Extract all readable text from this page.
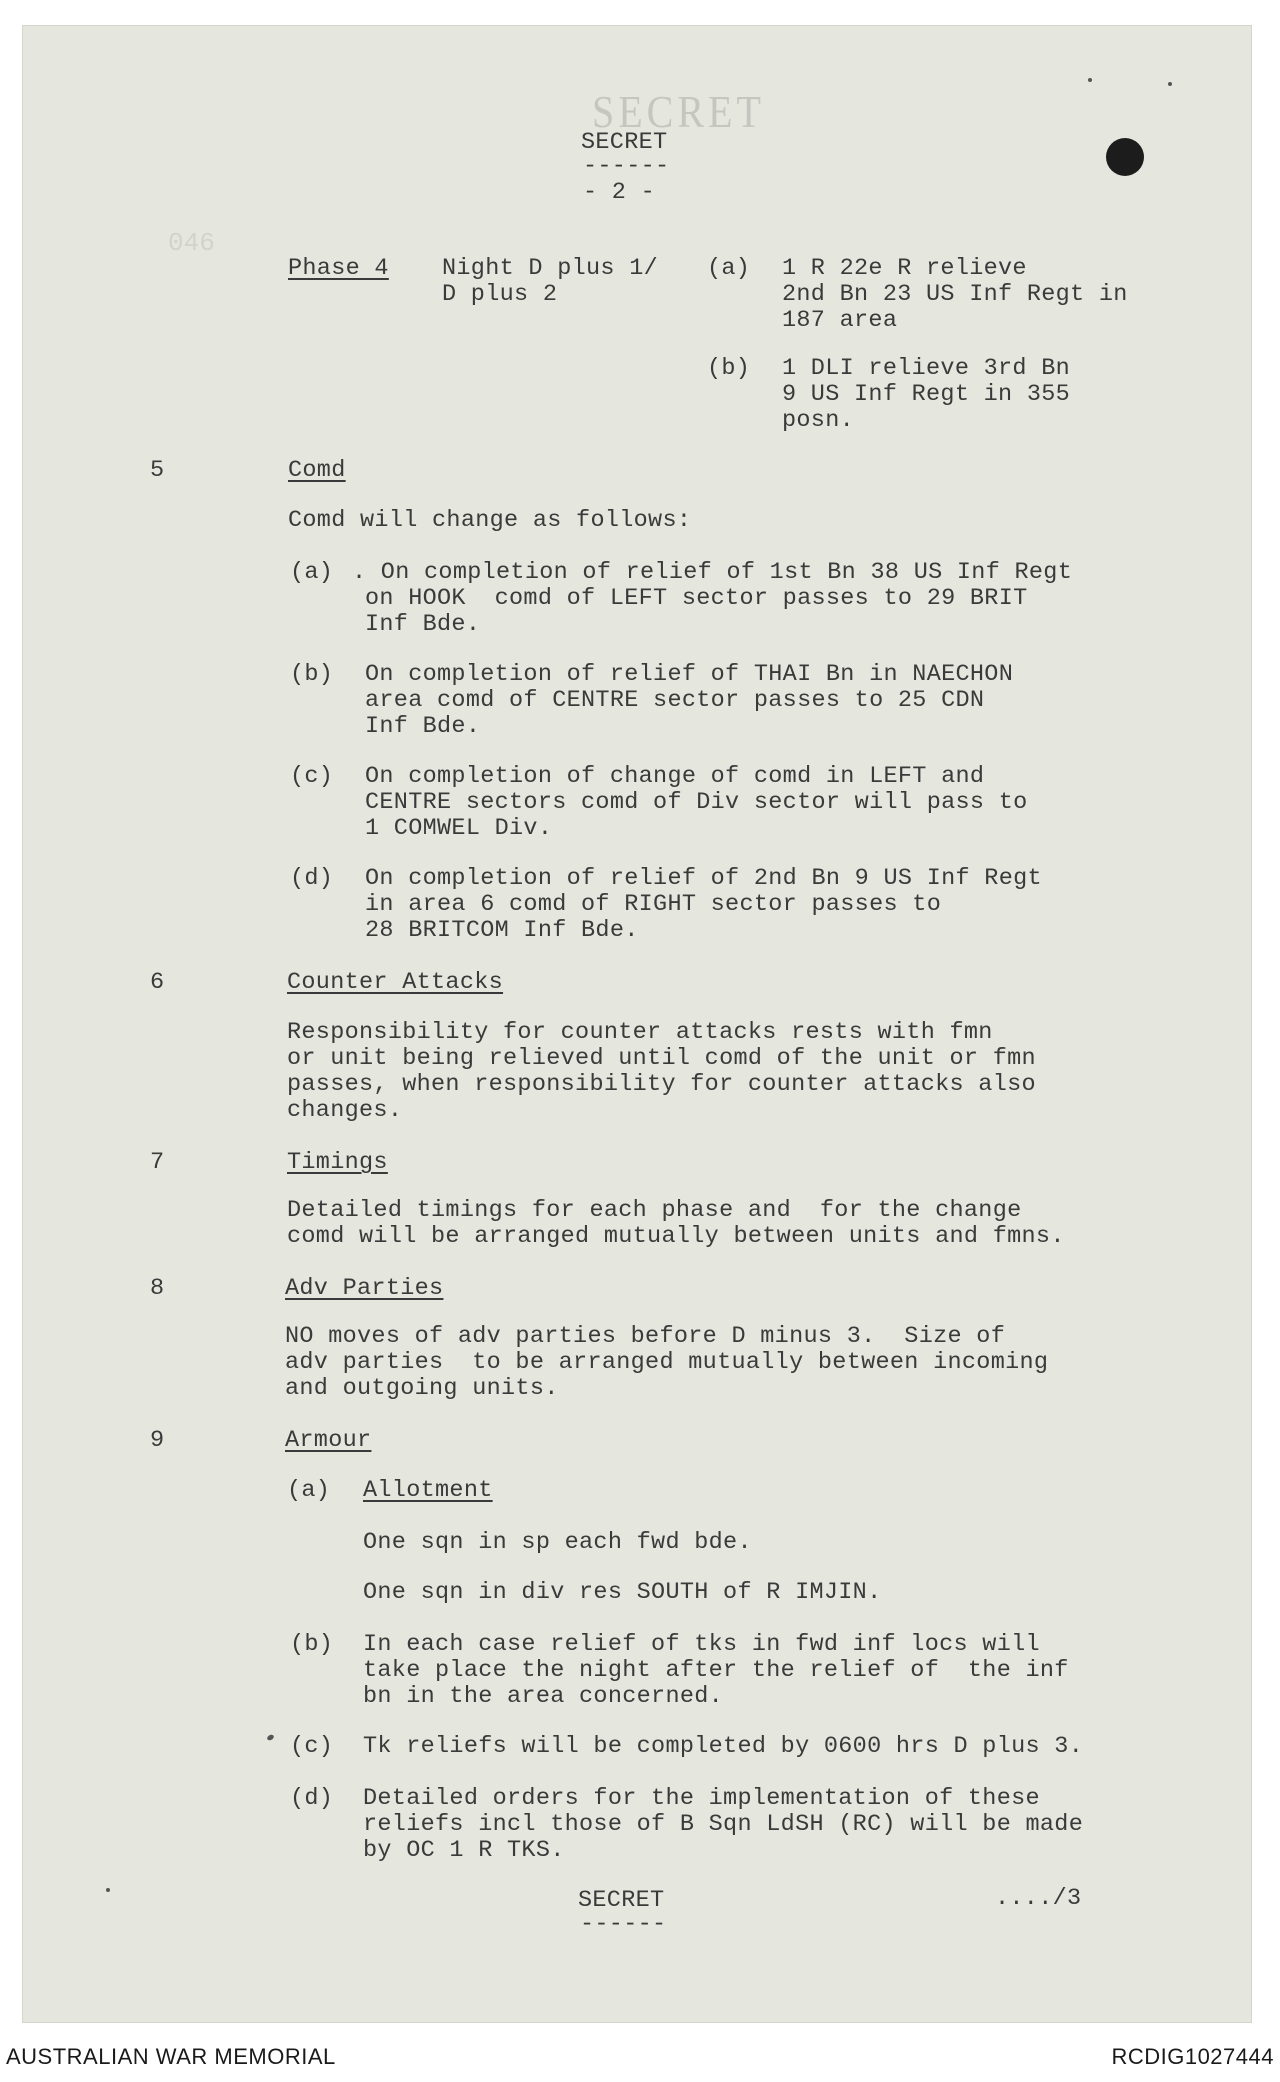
SECRET
046
SECRET
------
- 2 -
Phase 4 Night D plus 1/
D plus 2
(a) 1 R 22e R relieve
2nd Bn 23 US Inf Regt in
187 area
(b) 1 DLI relieve 3rd Bn
9 US Inf Regt in 355
posn.
5	Comd
Comd will change as follows:
(a) . On completion of relief of 1st Bn 38 US Inf Regt
on HOOK  comd of LEFT sector passes to 29 BRIT
Inf Bde.
(b) On completion of relief of THAI Bn in NAECHON
area comd of CENTRE sector passes to 25 CDN
Inf Bde.
(c) On completion of change of comd in LEFT and
CENTRE sectors comd of Div sector will pass to
1 COMWEL Div.
(d) On completion of relief of 2nd Bn 9 US Inf Regt
in area 6 comd of RIGHT sector passes to
28 BRITCOM Inf Bde.
6	Counter Attacks
Responsibility for counter attacks rests with fmn
or unit being relieved until comd of the unit or fmn
passes, when responsibility for counter attacks also
changes.
7	Timings
Detailed timings for each phase and  for the change
comd will be arranged mutually between units and fmns.
8	Adv Parties
NO moves of adv parties before D minus 3.  Size of
adv parties  to be arranged mutually between incoming
and outgoing units.
9	Armour
(a) Allotment
One sqn in sp each fwd bde.
One sqn in div res SOUTH of R IMJIN.
(b) In each case relief of tks in fwd inf locs will
take place the night after the relief of  the inf
bn in the area concerned.
(c) Tk reliefs will be completed by 0600 hrs D plus 3.
(d) Detailed orders for the implementation of these
reliefs incl those of B Sqn LdSH (RC) will be made
by OC 1 R TKS.
SECRET
------
..../3
AUSTRALIAN WAR MEMORIAL	RCDIG1027444
